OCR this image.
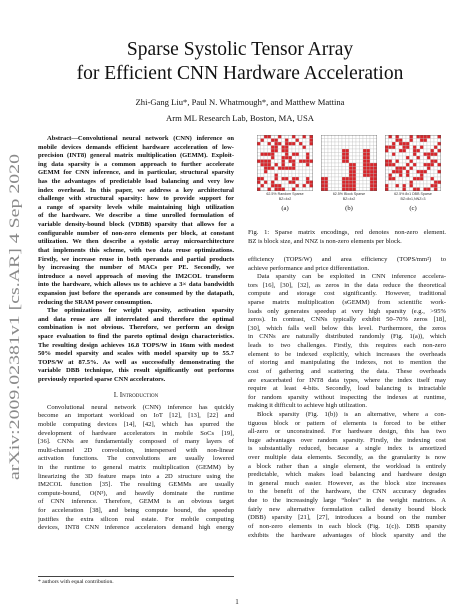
arXiv:2009.02381v1 [cs.AR] 4 Sep 2020
Sparse Systolic Tensor Array
for Efficient CNN Hardware Acceleration
Zhi-Gang Liu*, Paul N. Whatmough*, and Matthew Mattina
Arm ML Research Lab, Boston, MA, USA
Abstract—Convolutional neural network (CNN) inference on
mobile devices demands efficient hardware acceleration of low-
precision (INT8) general matrix multiplication (GEMM). Exploit-
ing data sparsity is a common approach to further accelerate
GEMM for CNN inference, and in particular, structural sparsity
has the advantages of predictable load balancing and very low
index overhead. In this paper, we address a key architectural
challenge with structural sparsity: how to provide support for
a range of sparsity levels while maintaining high utilization
of the hardware. We describe a time unrolled formulation of
variable density-bound block (VDBB) sparsity that allows for a
configurable number of non-zero elements per block, at constant
utilization. We then describe a systolic array microarchitecture
that implements this scheme, with two data reuse optimizations.
Firstly, we increase reuse in both operands and partial products
by increasing the number of MACs per PE. Secondly, we
introduce a novel approach of moving the IM2COL transform
into the hardware, which allows us to achieve a 3× data bandwidth
expansion just before the operands are consumed by the datapath,
reducing the SRAM power consumption.
The optimizations for weight sparsity, activation sparsity
and data reuse are all interrelated and therefore the optimal
combination is not obvious. Therefore, we perform an design
space evaluation to find the pareto optimal design characteristics.
The resulting design achieves 16.8 TOPS/W in 16nm with modest
50% model sparsity and scales with model sparsity up to 55.7
TOPS/W at 87.5%. As well as successfully demonstrating the
variable DBB technique, this result significantly out performs
previously reported sparse CNN accelerators.
I. Introduction
Convolutional neural network (CNN) inference has quickly
become an important workload on IoT [12], [13], [22] and
mobile computing devices [14], [42], which has spurred the
development of hardware accelerators in mobile SoCs [19],
[36]. CNNs are fundamentally composed of many layers of
multi-channel 2D convolution, interspersed with non-linear
activation functions. The convolutions are usually lowered
in the runtime to general matrix multiplication (GEMM) by
linearizing the 3D feature maps into a 2D structure using the
IM2COL function [35]. The resulting GEMMs are usually
compute-bound, O(N³), and heavily dominate the runtime
of CNN inference. Therefore, GEMM is an obvious target
for acceleration [38], and being compute bound, the speedup
justifies the extra silicon real estate. For mobile computing
devices, INT8 CNN inference accelerators demand high energy
* authors with equal contribution.
62.5% Random Sparse
BZ=4x2
(a)
62.5% Block Sparse
BZ=4x2
(b)
62.5% 8x1 DBB Sparse
BZ=8x1,NNZ=3
(c)
Fig. 1: Sparse matrix encodings, red denotes non-zero element.
BZ is block size, and NNZ is non-zero elements per block.
efficiency (TOPS/W) and area efficiency (TOPS/mm²) to
achieve performance and price differentiation.
Data sparsity can be exploited in CNN inference accelera-
tors [16], [30], [32], as zeros in the data reduce the theoretical
compute and storage cost significantly. However, traditional
sparse matrix multiplication (sGEMM) from scientific work-
loads only generates speedup at very high sparsity (e.g., >95%
zeros). In contrast, CNNs typically exhibit 50–70% zeros [18],
[30], which falls well below this level. Furthermore, the zeros
in CNNs are naturally distributed randomly (Fig. 1(a)), which
leads to two challenges. Firstly, this requires each non-zero
element to be indexed explicitly, which increases the overheads
of storing and manipulating the indexes, not to mention the
cost of gathering and scattering the data. These overheads
are exacerbated for INT8 data types, where the index itself may
require at least 4-bits. Secondly, load balancing is intractable
for random sparsity without inspecting the indexes at runtime,
making it difficult to achieve high utilization.
Block sparsity (Fig. 1(b)) is an alternative, where a con-
tiguous block or pattern of elements is forced to be either
all-zero or unconstrained. For hardware design, this has two
huge advantages over random sparsity. Firstly, the indexing cost
is substantially reduced, because a single index is amortized
over multiple data elements. Secondly, as the granularity is now
a block rather than a single element, the workload is entirely
predictable, which makes load balancing and hardware design
in general much easier. However, as the block size increases
to the benefit of the hardware, the CNN accuracy degrades
due to the increasingly large “holes” in the weight matrices. A
fairly new alternative formulation called density bound block
(DBB) sparsity [21], [27], introduces a bound on the number
of non-zero elements in each block (Fig. 1(c)). DBB sparsity
exhibits the hardware advantages of block sparsity and the
1
